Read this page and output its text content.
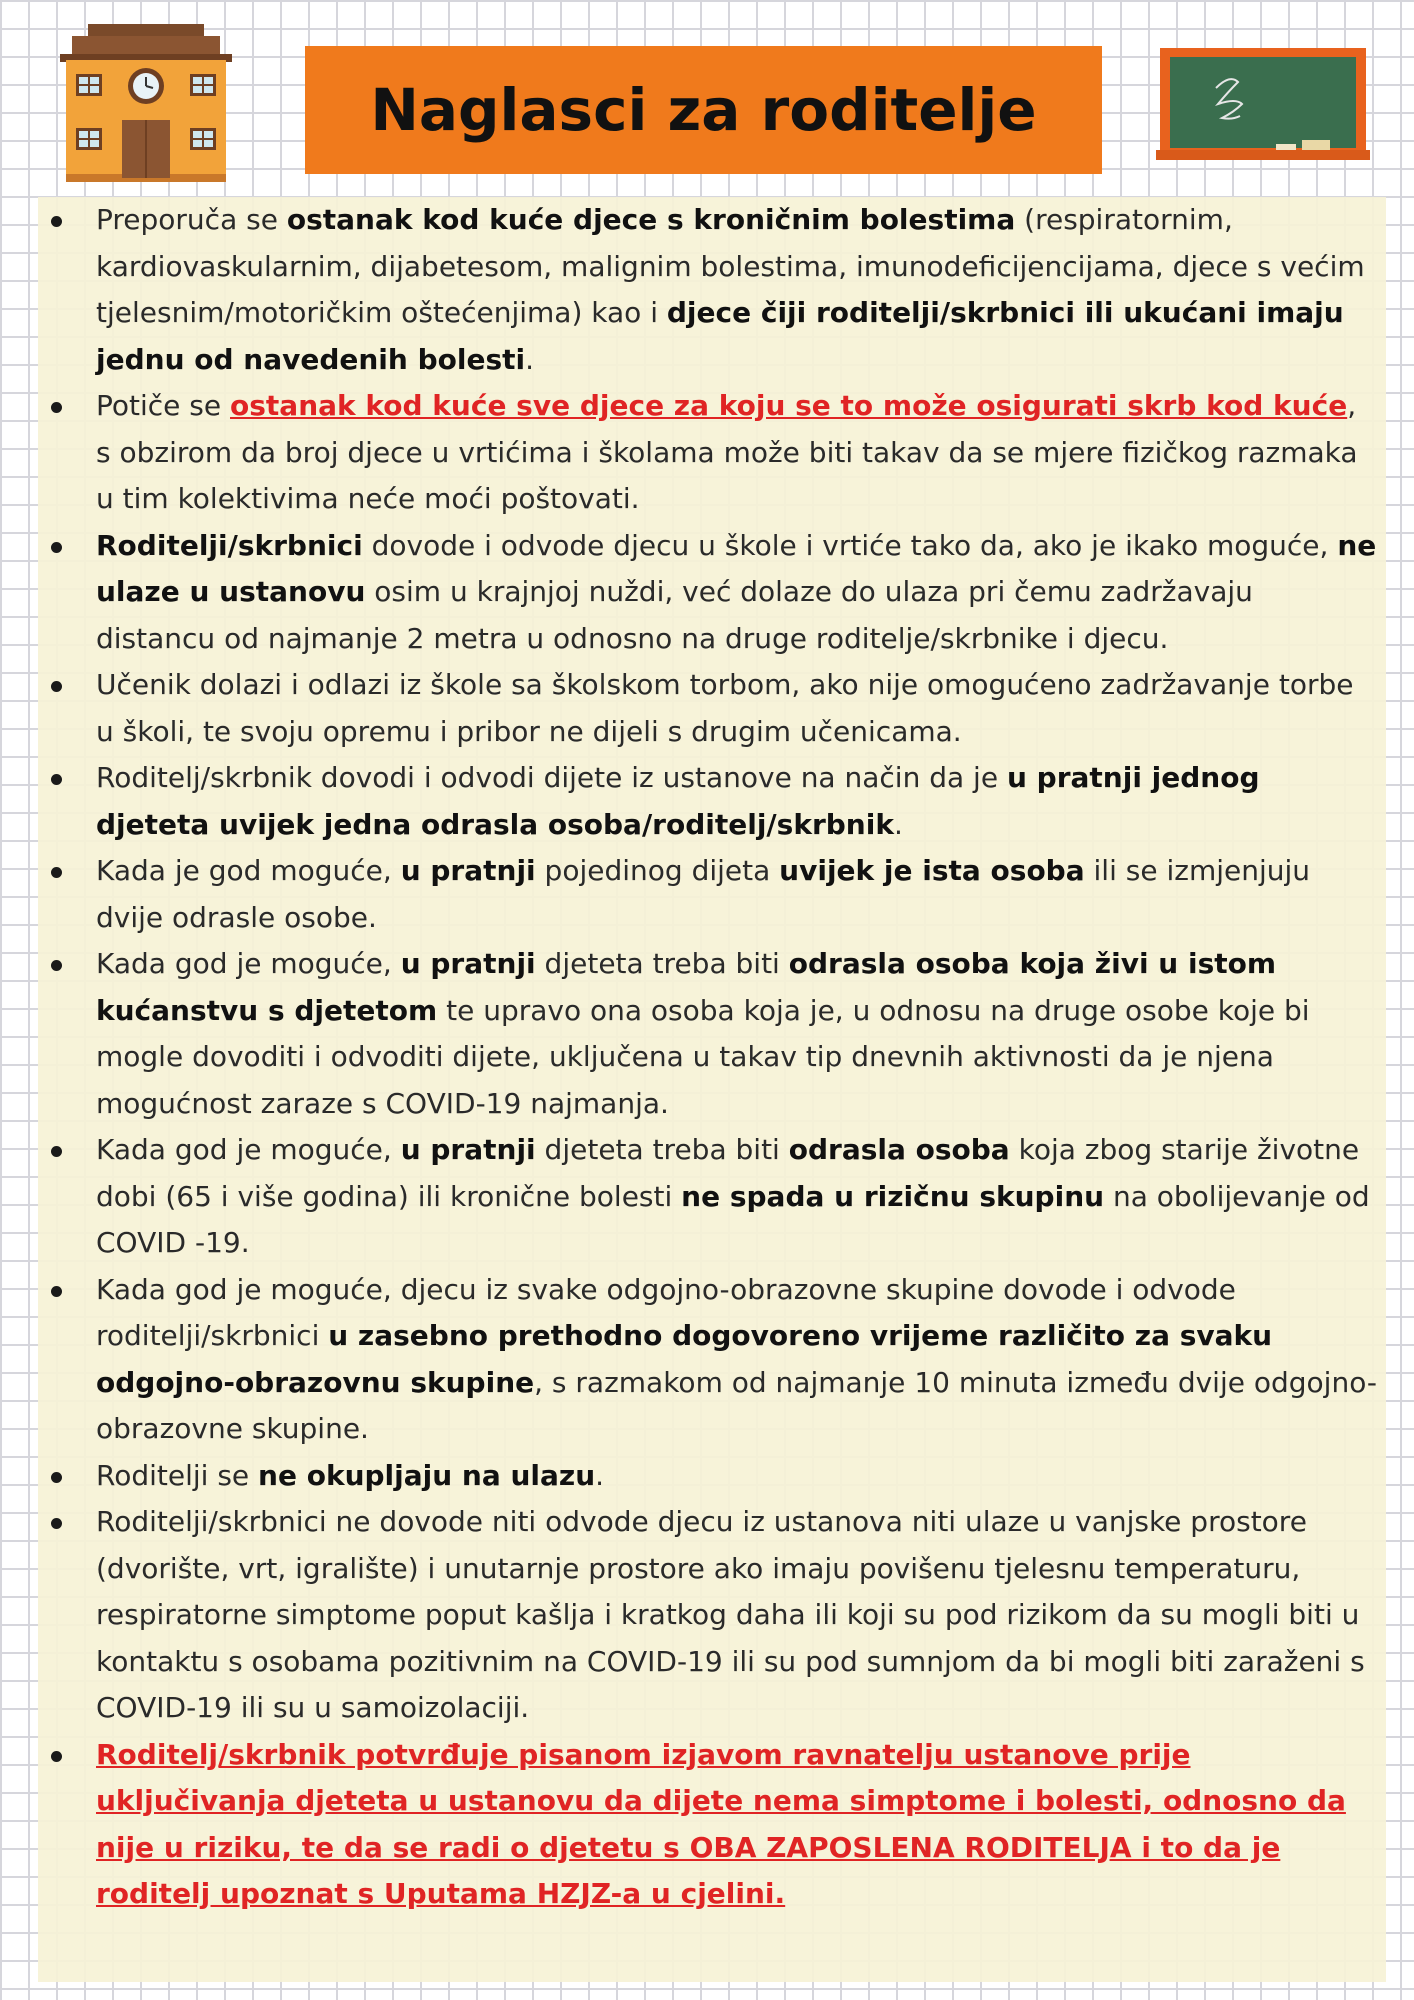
Naglasci za roditelje
Preporuča se ostanak kod kuće djece s kroničnim bolestima (respiratornim, kardiovaskularnim, dijabetesom, malignim bolestima, imunodeficijencijama, djece s većim tjelesnim/motoričkim oštećenjima) kao i djece čiji roditelji/skrbnici ili ukućani imaju jednu od navedenih bolesti.
Potiče se ostanak kod kuće sve djece za koju se to može osigurati skrb kod kuće, s obzirom da broj djece u vrtićima i školama može biti takav da se mjere fizičkog razmaka u tim kolektivima neće moći poštovati.
Roditelji/skrbnici dovode i odvode djecu u škole i vrtiće tako da, ako je ikako moguće, ne ulaze u ustanovu osim u krajnjoj nuždi, već dolaze do ulaza pri čemu zadržavaju distancu od najmanje 2 metra u odnosno na druge roditelje/skrbnike i djecu.
Učenik dolazi i odlazi iz škole sa školskom torbom, ako nije omogućeno zadržavanje torbe u školi, te svoju opremu i pribor ne dijeli s drugim učenicama.
Roditelj/skrbnik dovodi i odvodi dijete iz ustanove na način da je u pratnji jednog djeteta uvijek jedna odrasla osoba/roditelj/skrbnik.
Kada je god moguće, u pratnji pojedinog dijeta uvijek je ista osoba ili se izmjenjuju dvije odrasle osobe.
Kada god je moguće, u pratnji djeteta treba biti odrasla osoba koja živi u istom kućanstvu s djetetom te upravo ona osoba koja je, u odnosu na druge osobe koje bi mogle dovoditi i odvoditi dijete, uključena u takav tip dnevnih aktivnosti da je njena mogućnost zaraze s COVID-19 najmanja.
Kada god je moguće, u pratnji djeteta treba biti odrasla osoba koja zbog starije životne dobi (65 i više godina) ili kronične bolesti ne spada u rizičnu skupinu na obolijevanje od COVID -19.
Kada god je moguće, djecu iz svake odgojno-obrazovne skupine dovode i odvode roditelji/skrbnici u zasebno prethodno dogovoreno vrijeme različito za svaku odgojno-obrazovnu skupine, s razmakom od najmanje 10 minuta između dvije odgojno-obrazovne skupine.
Roditelji se ne okupljaju na ulazu.
Roditelji/skrbnici ne dovode niti odvode djecu iz ustanova niti ulaze u vanjske prostore (dvorište, vrt, igralište) i unutarnje prostore ako imaju povišenu tjelesnu temperaturu, respiratorne simptome poput kašlja i kratkog daha ili koji su pod rizikom da su mogli biti u kontaktu s osobama pozitivnim na COVID-19 ili su pod sumnjom da bi mogli biti zaraženi s COVID-19 ili su u samoizolaciji.
Roditelj/skrbnik potvrđuje pisanom izjavom ravnatelju ustanove prije uključivanja djeteta u ustanovu da dijete nema simptome i bolesti, odnosno da nije u riziku, te da se radi o djetetu s OBA ZAPOSLENA RODITELJA i to da je roditelj upoznat s Uputama HZJZ-a u cjelini.
